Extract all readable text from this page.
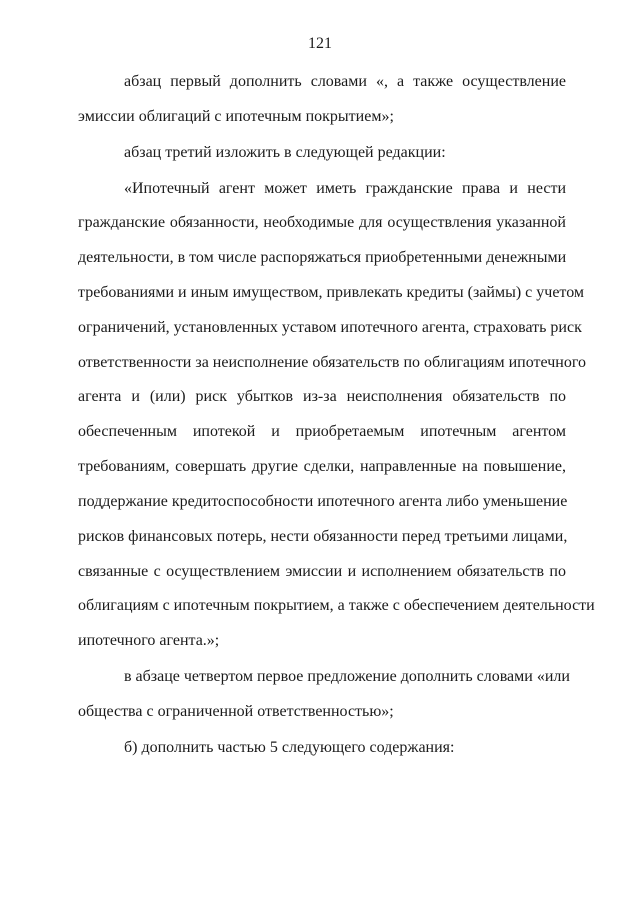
121
абзац первый дополнить словами «, а также осуществление
эмиссии облигаций с ипотечным покрытием»;
абзац третий изложить в следующей редакции:
«Ипотечный агент может иметь гражданские права и нести
гражданские обязанности, необходимые для осуществления указанной
деятельности, в том числе распоряжаться приобретенными денежными
требованиями и иным имуществом, привлекать кредиты (займы) с учетом
ограничений, установленных уставом ипотечного агента, страховать риск
ответственности за неисполнение обязательств по облигациям ипотечного
агента и (или) риск убытков из-за неисполнения обязательств по
обеспеченным ипотекой и приобретаемым ипотечным агентом
требованиям, совершать другие сделки, направленные на повышение,
поддержание кредитоспособности ипотечного агента либо уменьшение
рисков финансовых потерь, нести обязанности перед третьими лицами,
связанные с осуществлением эмиссии и исполнением обязательств по
облигациям с ипотечным покрытием, а также с обеспечением деятельности
ипотечного агента.»;
в абзаце четвертом первое предложение дополнить словами «или
общества с ограниченной ответственностью»;
б) дополнить частью 5 следующего содержания:
